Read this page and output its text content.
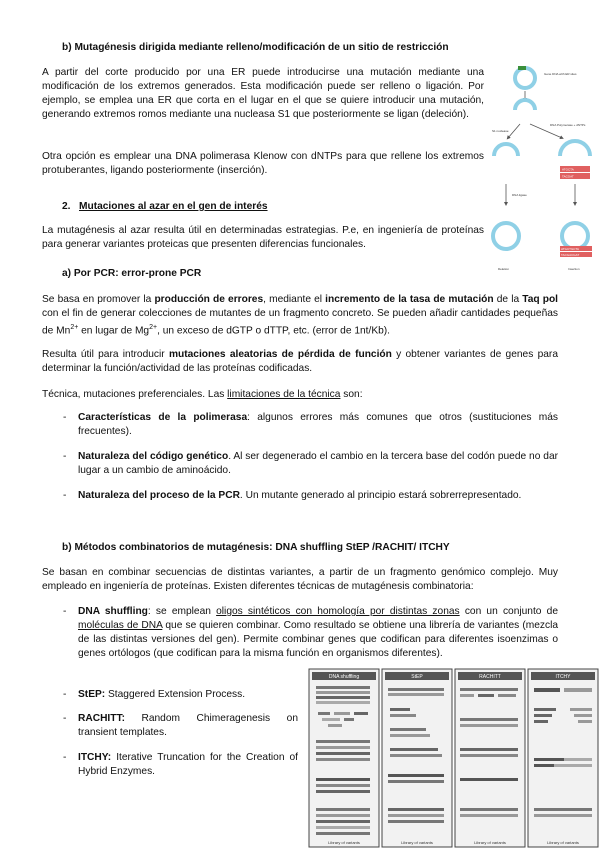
b) Mutagénesis dirigida mediante relleno/modificación de un sitio de restricción
A partir del corte producido por una ER puede introducirse una mutación mediante una modificación de los extremos generados. Esta modificación puede ser relleno o ligación. Por ejemplo, se emplea una ER que corta en el lugar en el que se quiere introducir una mutación, generando extremos romos mediante una nucleasa S1 que posteriormente se ligan (deleción).
Otra opción es emplear una DNA polimerasa Klenow con dNTPs para que rellene los extremos protuberantes, ligando posteriormente (inserción).
2. Mutaciones al azar en el gen de interés
La mutagénesis al azar resulta útil en determinadas estrategias. P.e, en ingeniería de proteínas para generar variantes proteicas que presenten diferencias funcionales.
a) Por PCR: error-prone PCR
Se basa en promover la producción de errores, mediante el incremento de la tasa de mutación de la Taq pol con el fin de generar colecciones de mutantes de un fragmento concreto. Se pueden añadir cantidades pequeñas de $Mn^{2+}$ en lugar de $Mg^{2+}$, un exceso de dGTP o dTTP, etc. (error de 1nt/Kb).
Resulta útil para introducir mutaciones aleatorias de pérdida de función y obtener variantes de genes para determinar la función/actividad de las proteínas codificadas.
Técnica, mutaciones preferenciales. Las limitaciones de la técnica son:
- Características de la polimerasa: algunos errores más comunes que otros (sustituciones más frecuentes).
- Naturaleza del código genético. Al ser degenerado el cambio en la tercera base del codón puede no dar lugar a un cambio de aminoácido.
- Naturaleza del proceso de la PCR. Un mutante generado al principio estará sobrerrepresentado.
b) Métodos combinatorios de mutagénesis: DNA shuffling StEP /RACHIT/ ITCHY
Se basan en combinar secuencias de distintas variantes, a partir de un fragmento genómico complejo. Muy empleado en ingeniería de proteínas. Existen diferentes técnicas de mutagénesis combinatoria:
- DNA shuffling: se emplean oligos sintéticos con homología por distintas zonas con un conjunto de moléculas de DNA que se quieren combinar. Como resultado se obtiene una librería de variantes (mezcla de las distintas versiones del gen). Permite combinar genes que codifican para diferentes isoenzimas o genes ortólogos (que codifican para la misma función en organismos diferentes).
- StEP: Staggered Extension Process.
- RACHITT: Random Chimeragenesis on transient templates.
- ITCHY: Iterative Truncation for the Creation of Hybrid Enzymes.
Gene DNA with ER sites
S1 nuclease
DNA Polymerase + dNTPs
ATGCTA
TACGAT
DNA ligase
ATGCTGCTA
TACGACGAT
Deletion	Insertion
DNA shuffling
Library of variants
StEP
Library of variants
RACHITT
Library of variants
ITCHY
Library of variants
